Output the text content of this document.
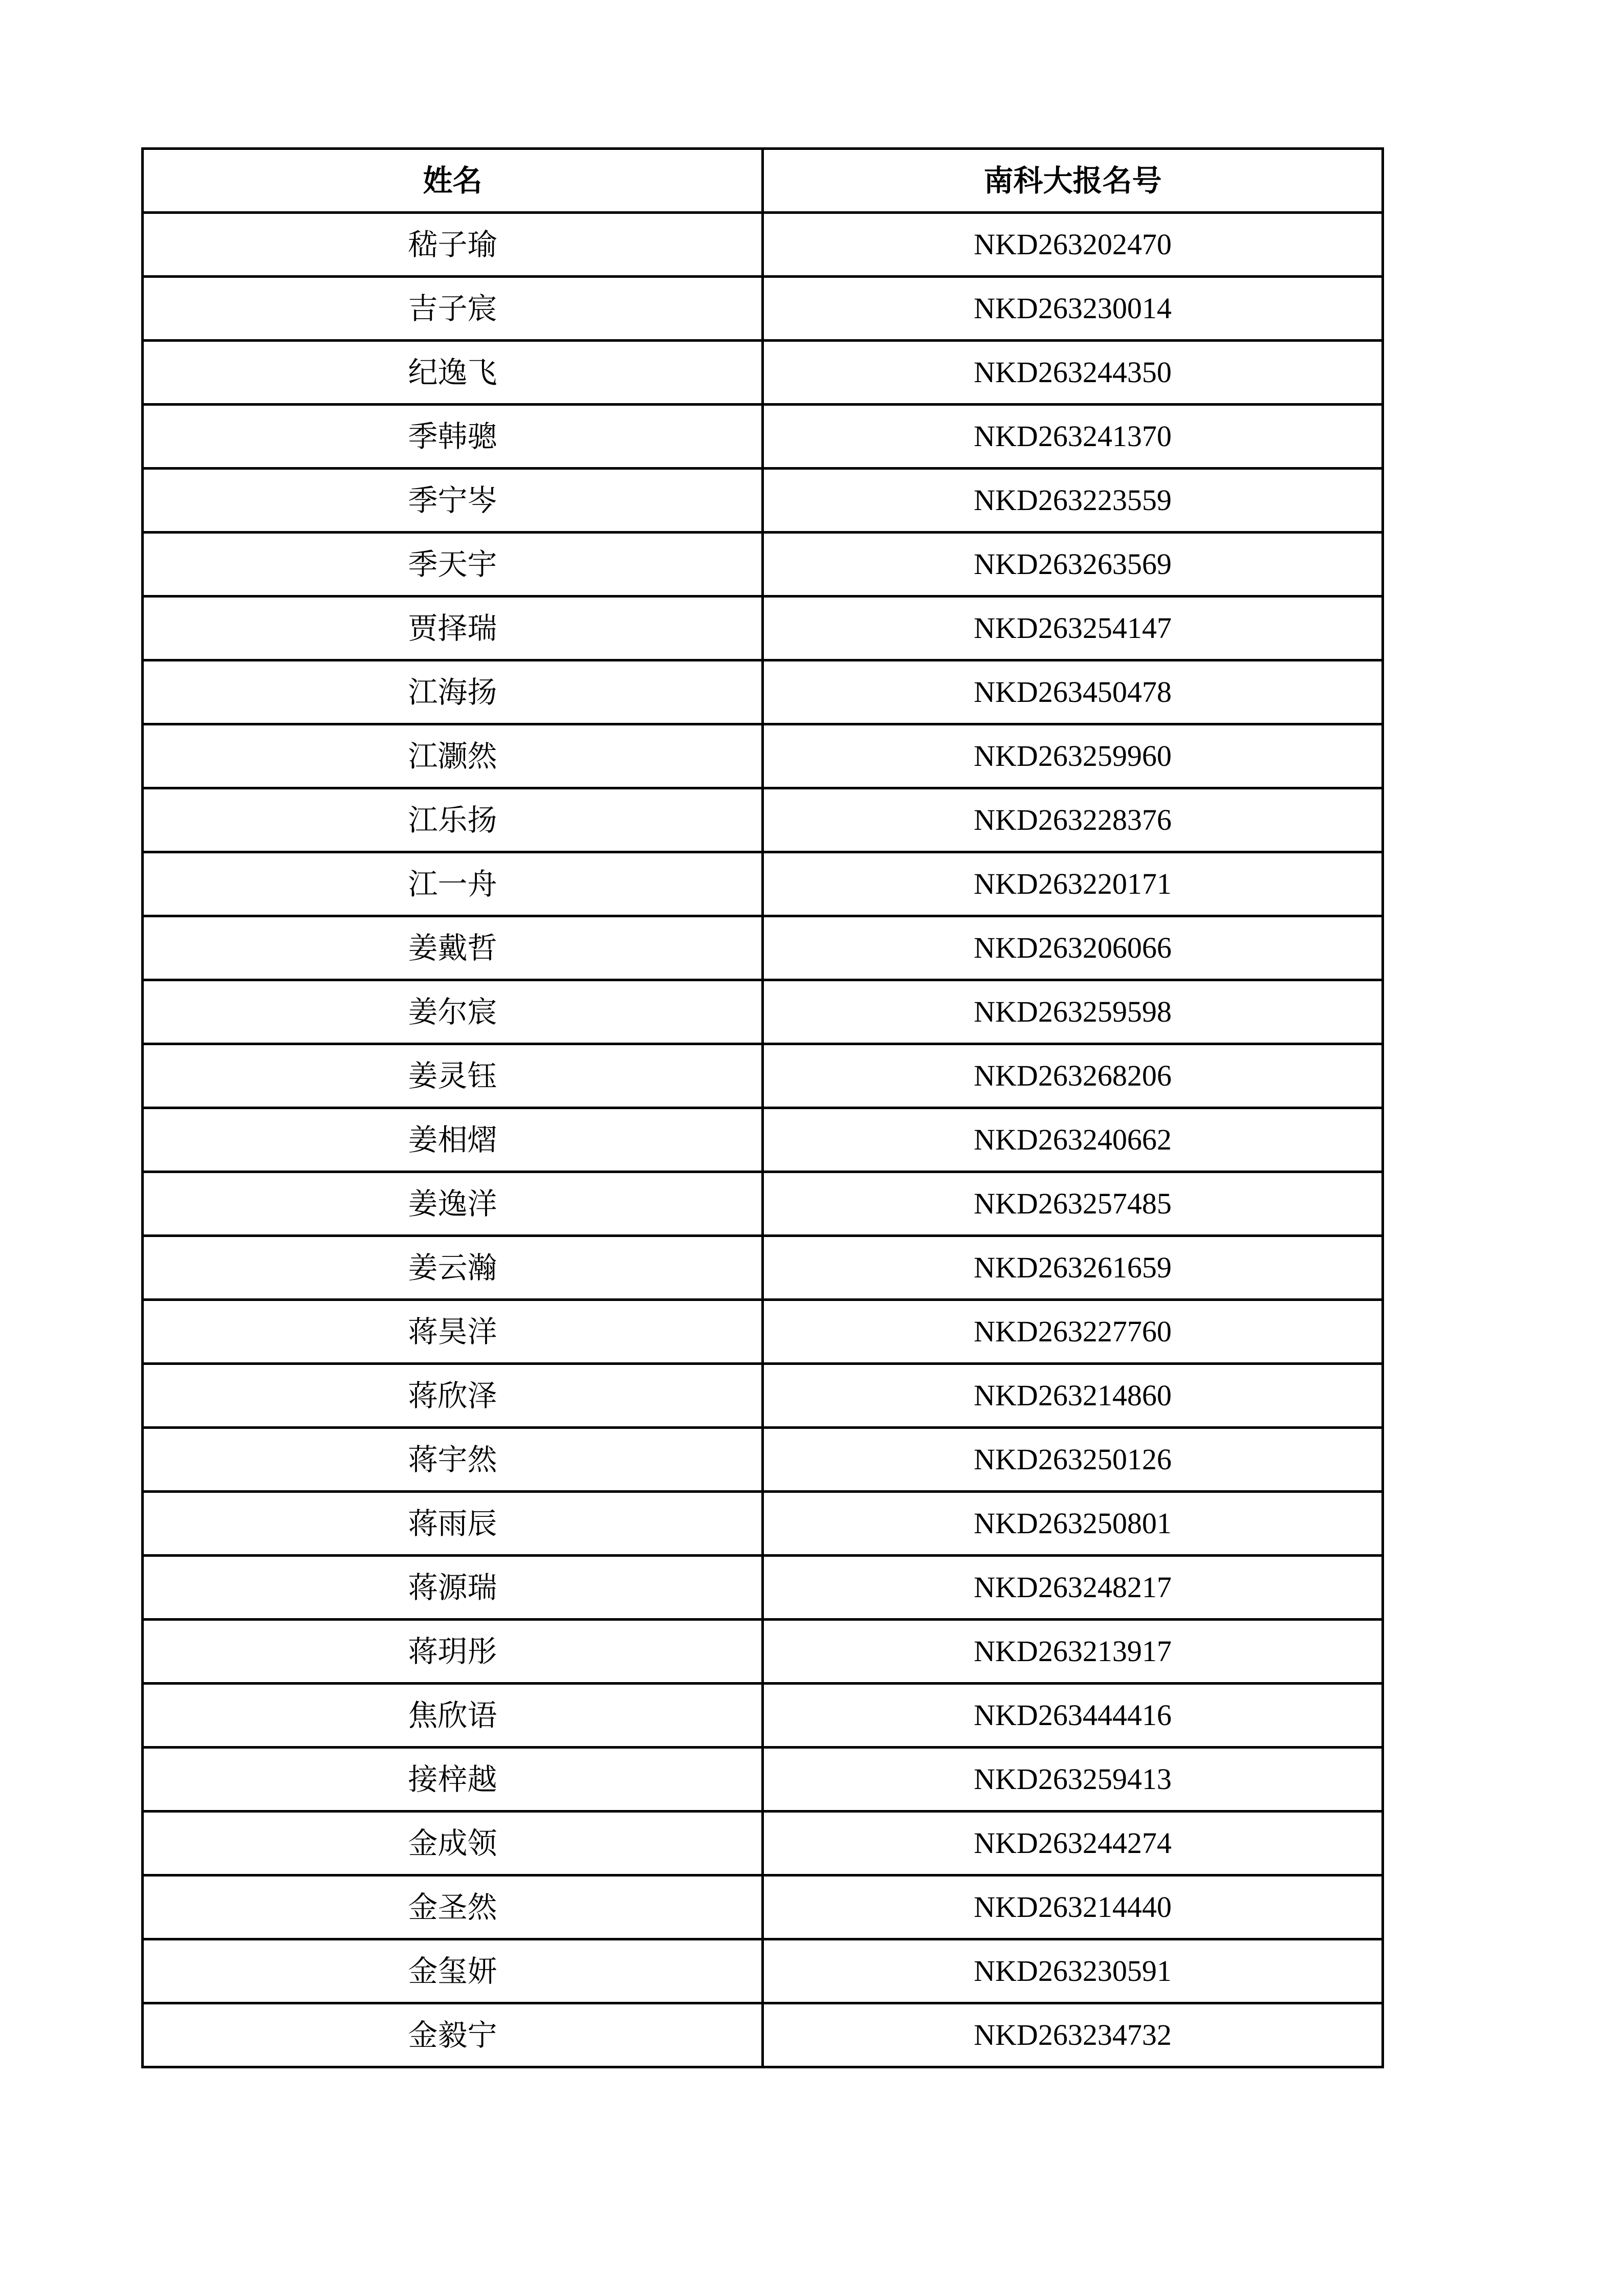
姓名	南科大报名号
嵇子瑜	NKD263202470
吉子宸	NKD263230014
纪逸飞	NKD263244350
季韩骢	NKD263241370
季宁岑	NKD263223559
季天宇	NKD263263569
贾择瑞	NKD263254147
江海扬	NKD263450478
江灏然	NKD263259960
江乐扬	NKD263228376
江一舟	NKD263220171
姜戴哲	NKD263206066
姜尔宸	NKD263259598
姜灵钰	NKD263268206
姜相熠	NKD263240662
姜逸洋	NKD263257485
姜云瀚	NKD263261659
蒋昊洋	NKD263227760
蒋欣泽	NKD263214860
蒋宇然	NKD263250126
蒋雨辰	NKD263250801
蒋源瑞	NKD263248217
蒋玥彤	NKD263213917
焦欣语	NKD263444416
接梓越	NKD263259413
金成领	NKD263244274
金圣然	NKD263214440
金玺妍	NKD263230591
金毅宁	NKD263234732
